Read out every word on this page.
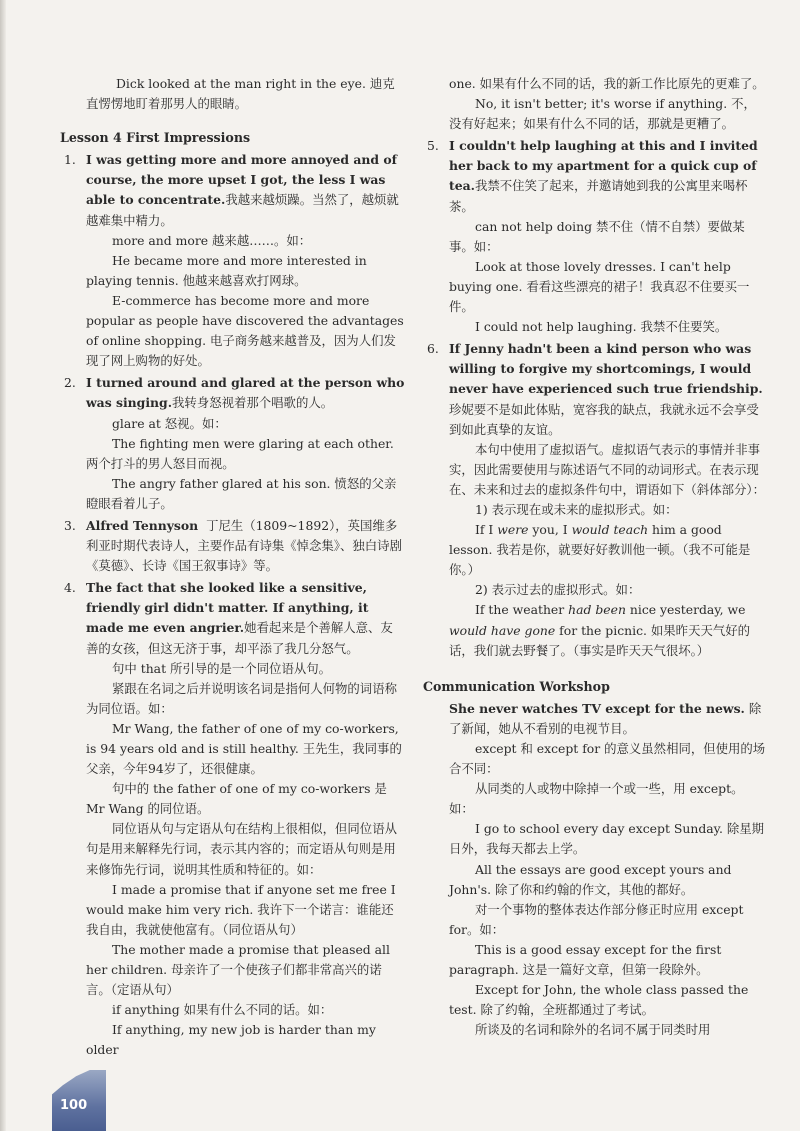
Dick looked at the man right in the eye. 迪克直愣愣地盯着那男人的眼睛。

Lesson 4 First Impressions

1. I was getting more and more annoyed and of course, the more upset I got, the less I was able to concentrate.我越来越烦躁。当然了，越烦就越难集中精力。

more and more 越来越……。如：

He became more and more interested in playing tennis. 他越来越喜欢打网球。

E-commerce has become more and more popular as people have discovered the advantages of online shopping. 电子商务越来越普及，因为人们发现了网上购物的好处。

2. I turned around and glared at the person who was singing.我转身怒视着那个唱歌的人。

glare at 怒视。如：

The fighting men were glaring at each other. 两个打斗的男人怒目而视。

The angry father glared at his son. 愤怒的父亲瞪眼看着儿子。

3. Alfred Tennyson 丁尼生（1809~1892），英国维多利亚时期代表诗人，主要作品有诗集《悼念集》、独白诗剧《莫德》、长诗《国王叙事诗》等。

4. The fact that she looked like a sensitive, friendly girl didn't matter. If anything, it made me even angrier.她看起来是个善解人意、友善的女孩，但这无济于事，却平添了我几分怒气。

句中 that 所引导的是一个同位语从句。

紧跟在名词之后并说明该名词是指何人何物的词语称为同位语。如：

Mr Wang, the father of one of my co-workers, is 94 years old and is still healthy. 王先生，我同事的父亲，今年94岁了，还很健康。

句中的 the father of one of my co-workers 是 Mr Wang 的同位语。

同位语从句与定语从句在结构上很相似，但同位语从句是用来解释先行词，表示其内容的；而定语从句则是用来修饰先行词，说明其性质和特征的。如：

I made a promise that if anyone set me free I would make him very rich. 我许下一个诺言：谁能还我自由，我就使他富有。（同位语从句）

The mother made a promise that pleased all her children. 母亲许了一个使孩子们都非常高兴的诺言。（定语从句）

if anything 如果有什么不同的话。如：

If anything, my new job is harder than my older

one. 如果有什么不同的话，我的新工作比原先的更难了。

No, it isn't better; it's worse if anything. 不，没有好起来；如果有什么不同的话，那就是更糟了。

5. I couldn't help laughing at this and I invited her back to my apartment for a quick cup of tea.我禁不住笑了起来，并邀请她到我的公寓里来喝杯茶。

can not help doing 禁不住（情不自禁）要做某事。如：

Look at those lovely dresses. I can't help buying one. 看看这些漂亮的裙子！我真忍不住要买一件。

I could not help laughing. 我禁不住要笑。

6. If Jenny hadn't been a kind person who was willing to forgive my shortcomings, I would never have experienced such true friendship.珍妮要不是如此体贴，宽容我的缺点，我就永远不会享受到如此真挚的友谊。

本句中使用了虚拟语气。虚拟语气表示的事情并非事实，因此需要使用与陈述语气不同的动词形式。在表示现在、未来和过去的虚拟条件句中，谓语如下（斜体部分）：

1) 表示现在或未来的虚拟形式。如：

If I were you, I would teach him a good lesson. 我若是你，就要好好教训他一顿。（我不可能是你。）

2) 表示过去的虚拟形式。如：

If the weather had been nice yesterday, we would have gone for the picnic. 如果昨天天气好的话，我们就去野餐了。（事实是昨天天气很坏。）

Communication Workshop

She never watches TV except for the news. 除了新闻，她从不看别的电视节目。

except 和 except for 的意义虽然相同，但使用的场合不同：

从同类的人或物中除掉一个或一些，用 except。如：

I go to school every day except Sunday. 除星期日外，我每天都去上学。

All the essays are good except yours and John's. 除了你和约翰的作文，其他的都好。

对一个事物的整体表达作部分修正时应用 except for。如：

This is a good essay except for the first paragraph. 这是一篇好文章，但第一段除外。

Except for John, the whole class passed the test. 除了约翰，全班都通过了考试。

所谈及的名词和除外的名词不属于同类时用

100
